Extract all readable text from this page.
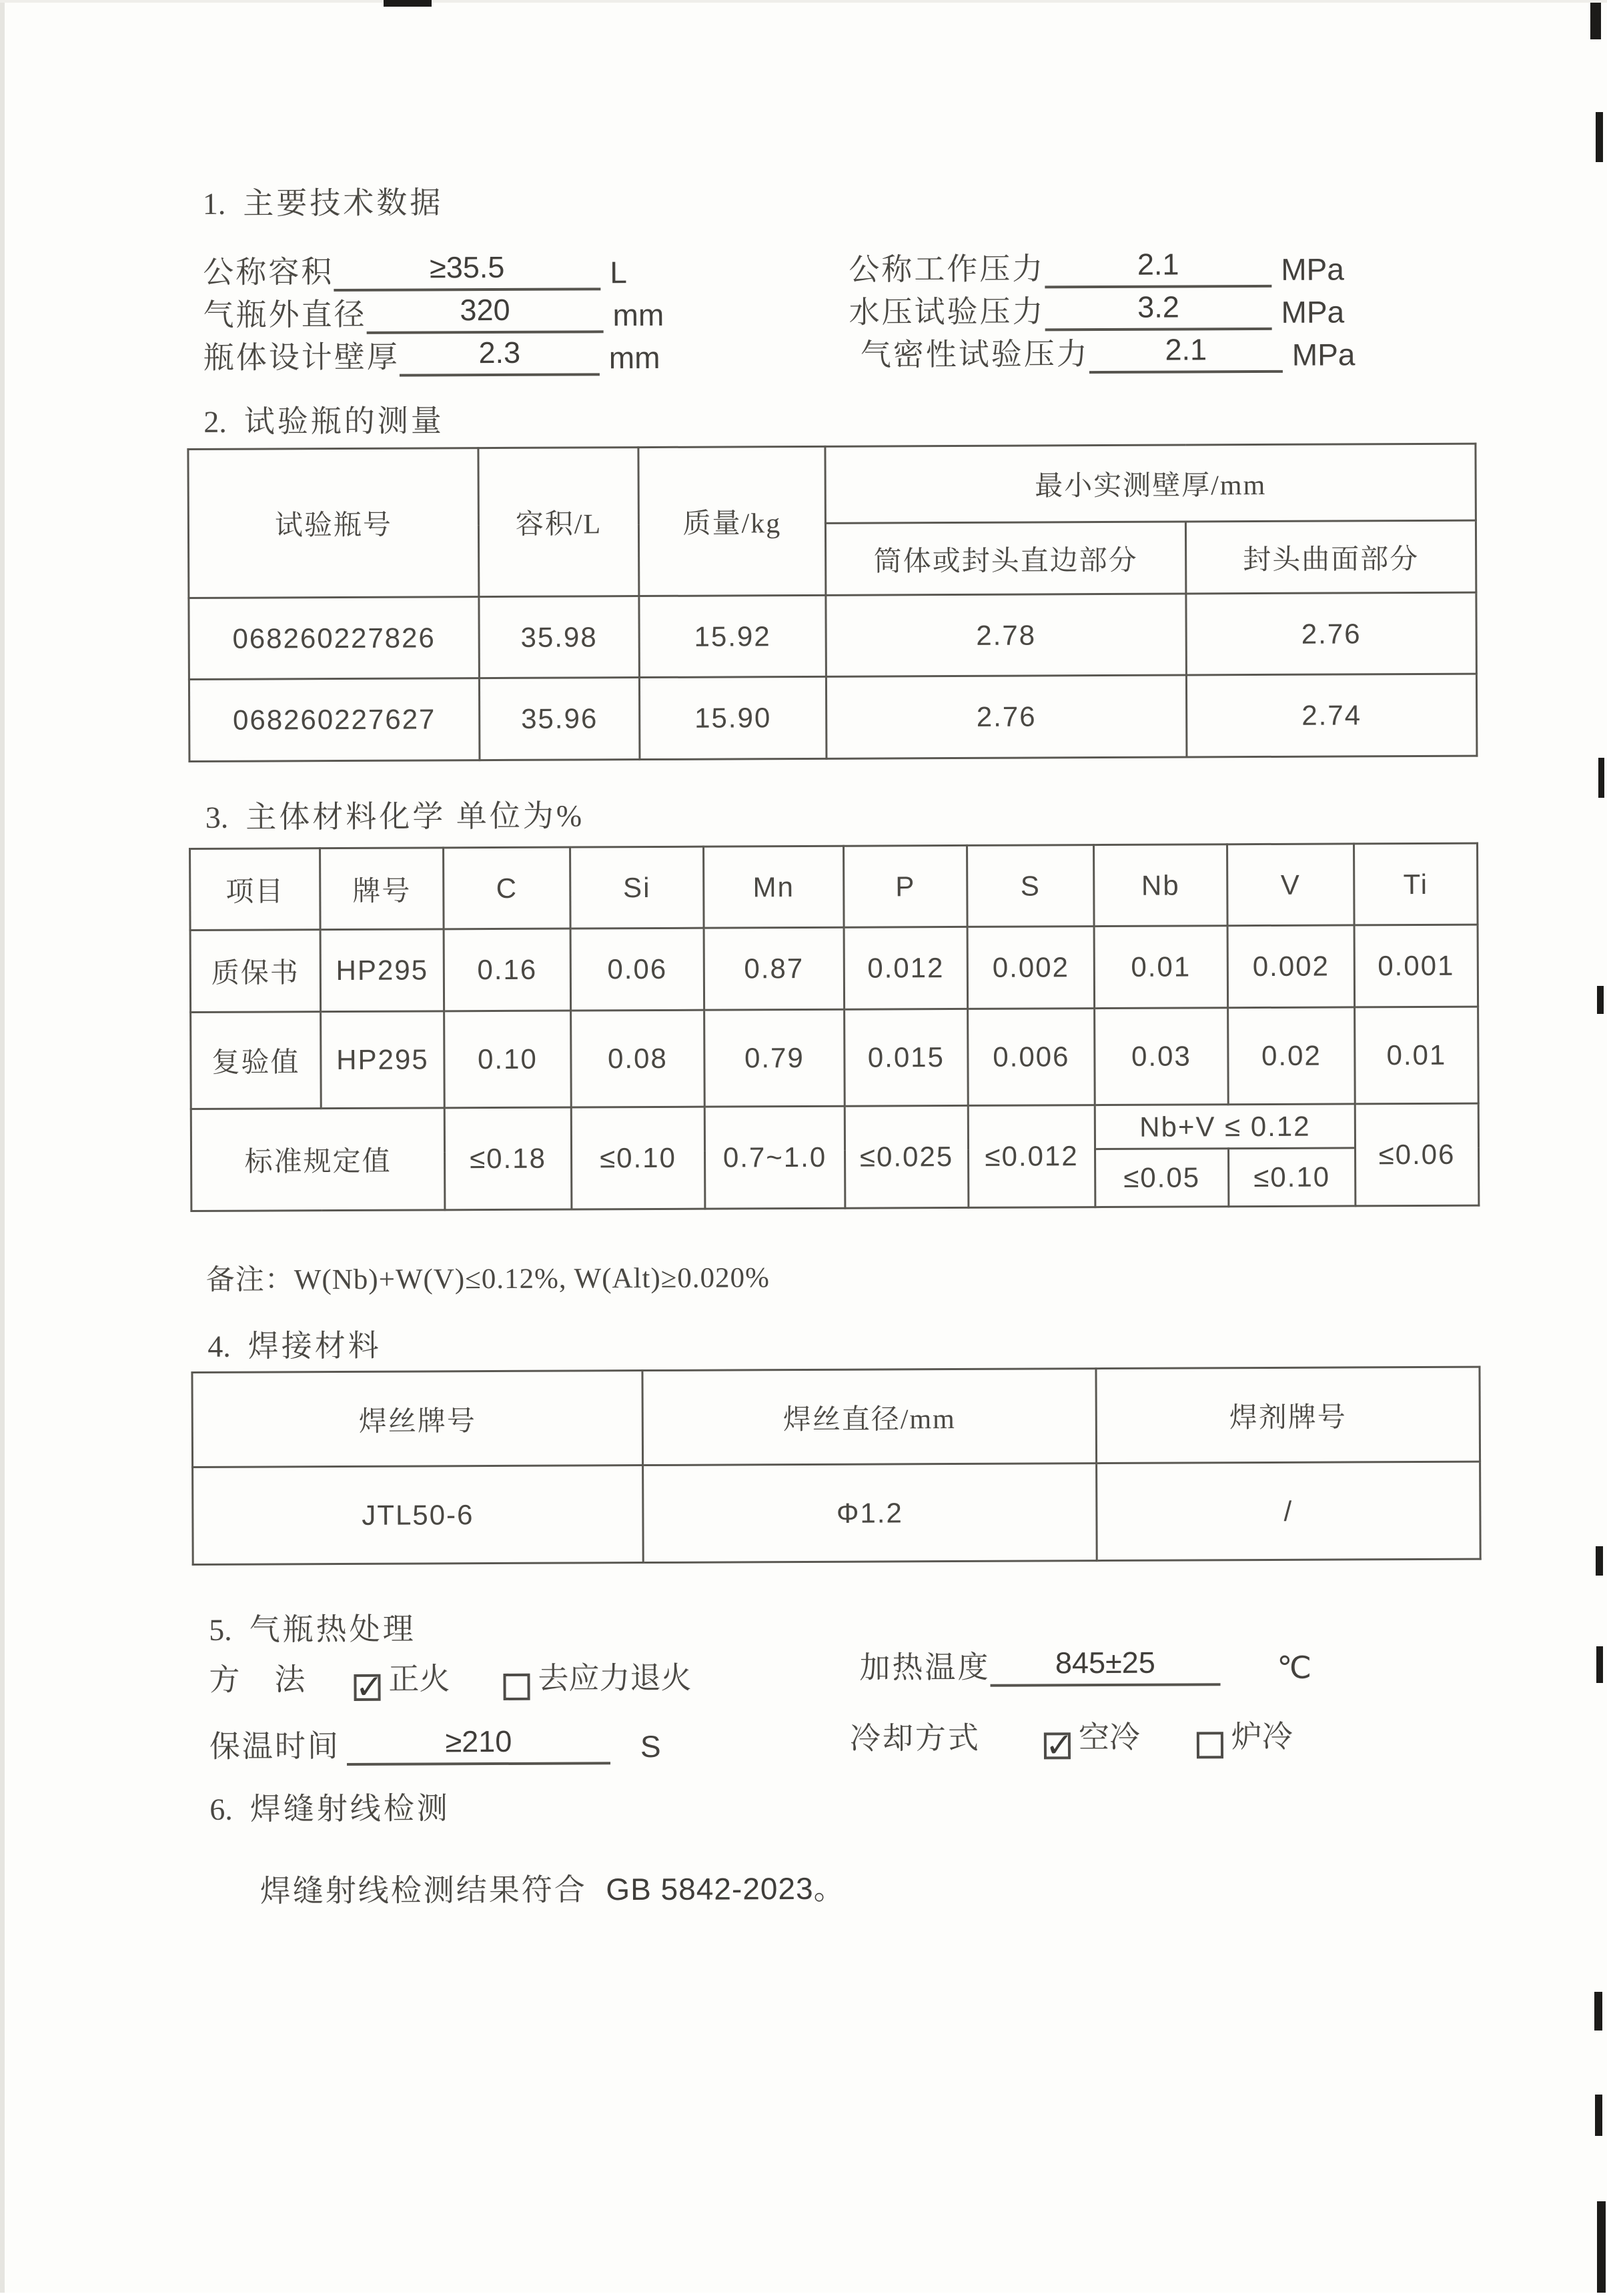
1. 主要技术数据
公称容积	≥35.5	L
气瓶外直径	320	mm
瓶体设计壁厚	2.3	mm
公称工作压力	2.1	MPa
水压试验压力	3.2	MPa
气密性试验压力	2.1	MPa
2. 试验瓶的测量
试验瓶号	容积/L	质量/kg	最小实测壁厚/mm	
			筒体或封头直边部分	封头曲面部分
068260227826	35.98	15.92	2.78	2.76
068260227627	35.96	15.90	2.76	2.74
3. 主体材料化学 单位为%
项目	牌号	C	Si	Mn	P	S	Nb	V	Ti
质保书	HP295	0.16	0.06	0.87	0.012	0.002	0.01	0.002	0.001
复验值	HP295	0.10	0.08	0.79	0.015	0.006	0.03	0.02	0.01
标准规定值		≤0.18	≤0.10	0.7~1.0	≤0.025	≤0.012	Nb+V ≤ 0.12		≤0.06
							≤0.05	≤0.10	
备注：W(Nb)+W(V)≤0.12%, W(Alt)≥0.020%
4. 焊接材料
焊丝牌号	焊丝直径/mm	焊剂牌号
JTL50-6	Φ1.2	/
5. 气瓶热处理
方　法 ✓	正火	去应力退火	加热温度	845±25	℃
保温时间	≥210	S	冷却方式 ✓	空冷	炉冷
6. 焊缝射线检测
焊缝射线检测结果符合 GB 5842-2023。
